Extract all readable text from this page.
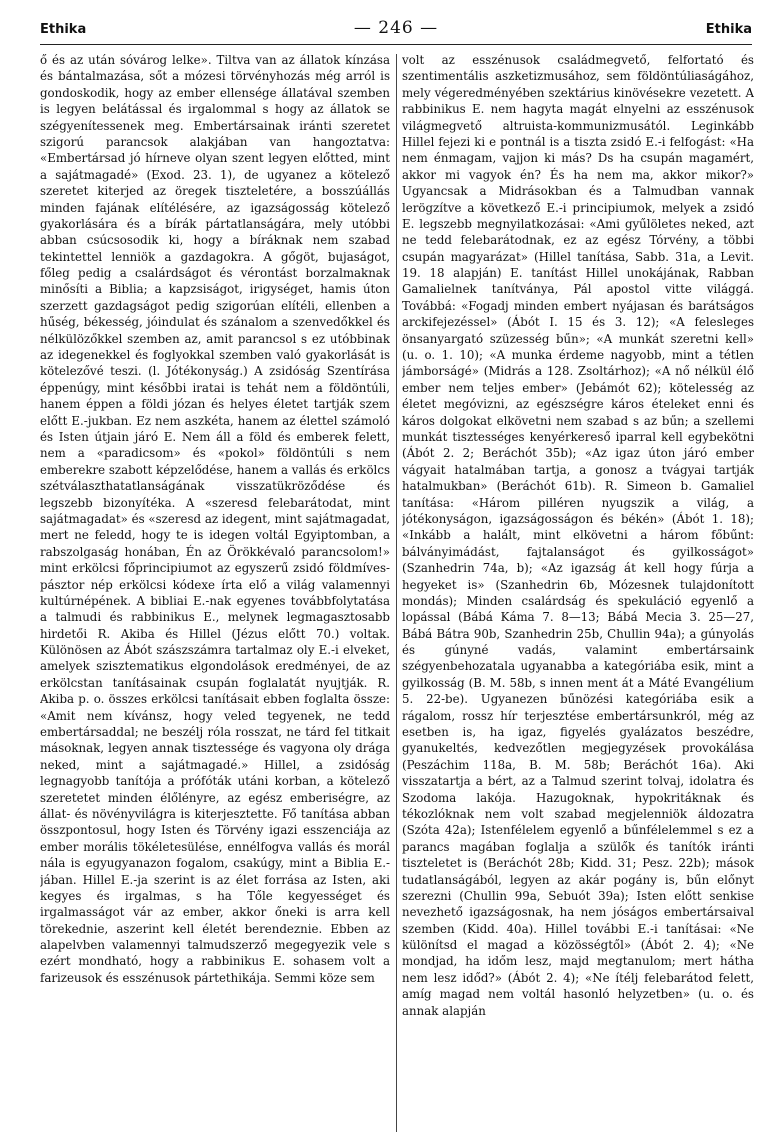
Ethika	— 246 —	Ethika

ő és az után sóvárog lelke». Tiltva van az állatok kínzása és bántalmazása, sőt a mózesi törvényhozás még arról is gondoskodik, hogy az ember ellensége állatával szemben is legyen belátással és irgalommal s hogy az állatok se szégyenítessenek meg. Embertársainak iránti szeretet szigorú parancsok alakjában van hangoztatva: «Embertársad jó hírneve olyan szent legyen előtted, mint a sajátmagadé» (Exod. 23. 1), de ugyanez a kötelező szeretet kiterjed az öregek tiszteletére, a bosszúállás minden fajának elítélésére, az igazságosság kötelező gyakorlására és a bírák pártatlanságára, mely utóbbi abban csúcsosodik ki, hogy a bíráknak nem szabad tekintettel lenniök a gazdagokra. A gőgöt, bujaságot, főleg pedig a csalárdságot és vérontást borzalmaknak minősíti a Biblia; a kapzsiságot, irigységet, hamis úton szerzett gazdagságot pedig szigorúan elítéli, ellenben a hűség, békesség, jóindulat és szánalom a szenvedőkkel és nélkülözőkkel szemben az, amit parancsol s ez utóbbinak az idegenekkel és foglyokkal szemben való gyakorlását is kötelezővé teszi. (l. Jótékonyság.) A zsidóság Szentírása éppenúgy, mint későbbi iratai is tehát nem a földöntúli, hanem éppen a földi józan és helyes életet tartják szem előtt E.-jukban. Ez nem aszkéta, hanem az élettel számoló és Isten útjain járó E. Nem áll a föld és emberek felett, nem a «paradicsom» és «pokol» földöntúli s nem emberekre szabott képzelődése, hanem a vallás és erkölcs szétválaszthatatlanságának visszatükröződése és legszebb bizonyítéka. A «szeresd felebarátodat, mint sajátmagadat» és «szeresd az idegent, mint sajátmagadat, mert ne feledd, hogy te is idegen voltál Egyiptomban, a rabszolgaság honában, Én az Örökkévaló parancsolom!» mint erkölcsi főprincipiumot az egyszerű zsidó földmíves-pásztor nép erkölcsi kódexe írta elő a világ valamennyi kultúrnépének. A bibliai E.-nak egyenes továbbfolytatása a talmudi és rabbinikus E., melynek legmagasztosabb hirdetői R. Akiba és Hillel (Jézus előtt 70.) voltak. Különösen az Ábót szászszámra tartalmaz oly E.-i elveket, amelyek szisztematikus elgondolások eredményei, de az erkölcstan tanításainak csupán foglalatát nyujtják. R. Akiba p. o. összes erkölcsi tanításait ebben foglalta össze: «Amit nem kívánsz, hogy veled tegyenek, ne tedd embertársaddal; ne beszélj róla rosszat, ne tárd fel titkait másoknak, legyen annak tisztessége és vagyona oly drága neked, mint a sajátmagadé.» Hillel, a zsidóság legnagyobb tanítója a prófóták utáni korban, a kötelező szeretetet minden élőlényre, az egész emberiségre, az állat- és növényvilágra is kiterjesztette. Fő tanítása abban összpontosul, hogy Isten és Törvény igazi esszenciája az ember morális tökéletesülése, ennélfogva vallás és morál nála is egyugyanazon fogalom, csakúgy, mint a Biblia E.-jában. Hillel E.-ja szerint is az élet forrása az Isten, aki kegyes és irgalmas, s ha Tőle kegyességet és irgalmasságot vár az ember, akkor őneki is arra kell törekednie, aszerint kell életét berendeznie. Ebben az alapelvben valamennyi talmudszerző megegyezik vele s ezért mondható, hogy a rabbinikus E. sohasem volt a farizeusok és esszénusok pártethikája. Semmi köze sem

volt az esszénusok családmegvető, felfortató és szentimentális aszketizmusához, sem földöntúliaságához, mely végeredményében szektárius kinövésekre vezetett. A rabbinikus E. nem hagyta magát elnyelni az esszénusok világmegvető altruista-kommunizmusától. Leginkább Hillel fejezi ki e pontnál is a tiszta zsidó E.-i felfogást: «Ha nem énmagam, vajjon ki más? Ds ha csupán magamért, akkor mi vagyok én? És ha nem ma, akkor mikor?» Ugyancsak a Midrásokban és a Talmudban vannak lerögzítve a következő E.-i principiumok, melyek a zsidó E. legszebb megnyilatkozásai: «Ami gyűlöletes neked, azt ne tedd felebarátodnak, ez az egész Tórvény, a többi csupán magyarázat» (Hillel tanítása, Sabb. 31a, a Levit. 19. 18 alapján) E. tanítást Hillel unokájának, Rabban Gamalielnek tanítványa, Pál apostol vitte világgá. Továbbá: «Fogadj minden embert nyájasan és barátságos arckifejezéssel» (Ábót I. 15 és 3. 12); «A felesleges önsanyargató szüzesség bűn»; «A munkát szeretni kell» (u. o. 1. 10); «A munka érdeme nagyobb, mint a tétlen jámborságé» (Midrás a 128. Zsoltárhoz); «A nő nélkül élő ember nem teljes ember» (Jebámót 62); kötelesség az életet megóvizni, az egészségre káros ételeket enni és káros dolgokat elkövetni nem szabad s az bűn; a szellemi munkát tisztességes kenyérkereső iparral kell egybekötni (Ábót 2. 2; Beráchót 35b); «Az igaz úton járó ember vágyait hatalmában tartja, a gonosz a tvágyai tartják hatalmukban» (Beráchót 61b). R. Simeon b. Gamaliel tanítása: «Három pilléren nyugszik a világ, a jótékonyságon, igazságosságon és békén» (Ábót 1. 18); «Inkább a halált, mint elkövetni a három főbűnt: bálványimádást, fajtalanságot és gyilkosságot» (Szanhedrin 74a, b); «Az igazság át kell hogy fúrja a hegyeket is» (Szanhedrin 6b, Mózesnek tulajdonított mondás); Minden csalárdság és spekuláció egyenlő a lopással (Bábá Káma 7. 8—13; Bábá Mecia 3. 25—27, Bábá Bátra 90b, Szanhedrin 25b, Chullin 94a); a gúnyolás és gúnyné vadás, valamint embertársaink szégyenbehozatala ugyanabba a kategóriába esik, mint a gyilkosság (B. M. 58b, s innen ment át a Máté Evangélium 5. 22-be). Ugyanezen bűnözési kategóriába esik a rágalom, rossz hír terjesztése embertársunkról, még az esetben is, ha igaz, figyelés gyalázatos beszédre, gyanukeltés, kedvezőtlen megjegyzések provokálása (Peszáchim 118a, B. M. 58b; Beráchót 16a). Aki visszatartja a bért, az a Talmud szerint tolvaj, idolatra és Szodoma lakója. Hazugoknak, hypokritáknak és tékozlóknak nem volt szabad megjelenniök áldozatra (Szóta 42a); Istenfélelem egyenlő a bűnfélelemmel s ez a parancs magában foglalja a szülők és tanítók iránti tiszteletet is (Beráchót 28b; Kidd. 31; Pesz. 22b); mások tudatlanságából, legyen az akár pogány is, bűn előnyt szerezni (Chullin 99a, Sebuót 39a); Isten előtt senkise nevezhető igazságosnak, ha nem jóságos embertársaival szemben (Kidd. 40a). Hillel további E.-i tanításai: «Ne különítsd el magad a közösségtől» (Ábót 2. 4); «Ne mondjad, ha időm lesz, majd megtanulom; mert hátha nem lesz időd?» (Ábót 2. 4); «Ne ítélj felebarátod felett, amíg magad nem voltál hasonló helyzetben» (u. o. és annak alapján
